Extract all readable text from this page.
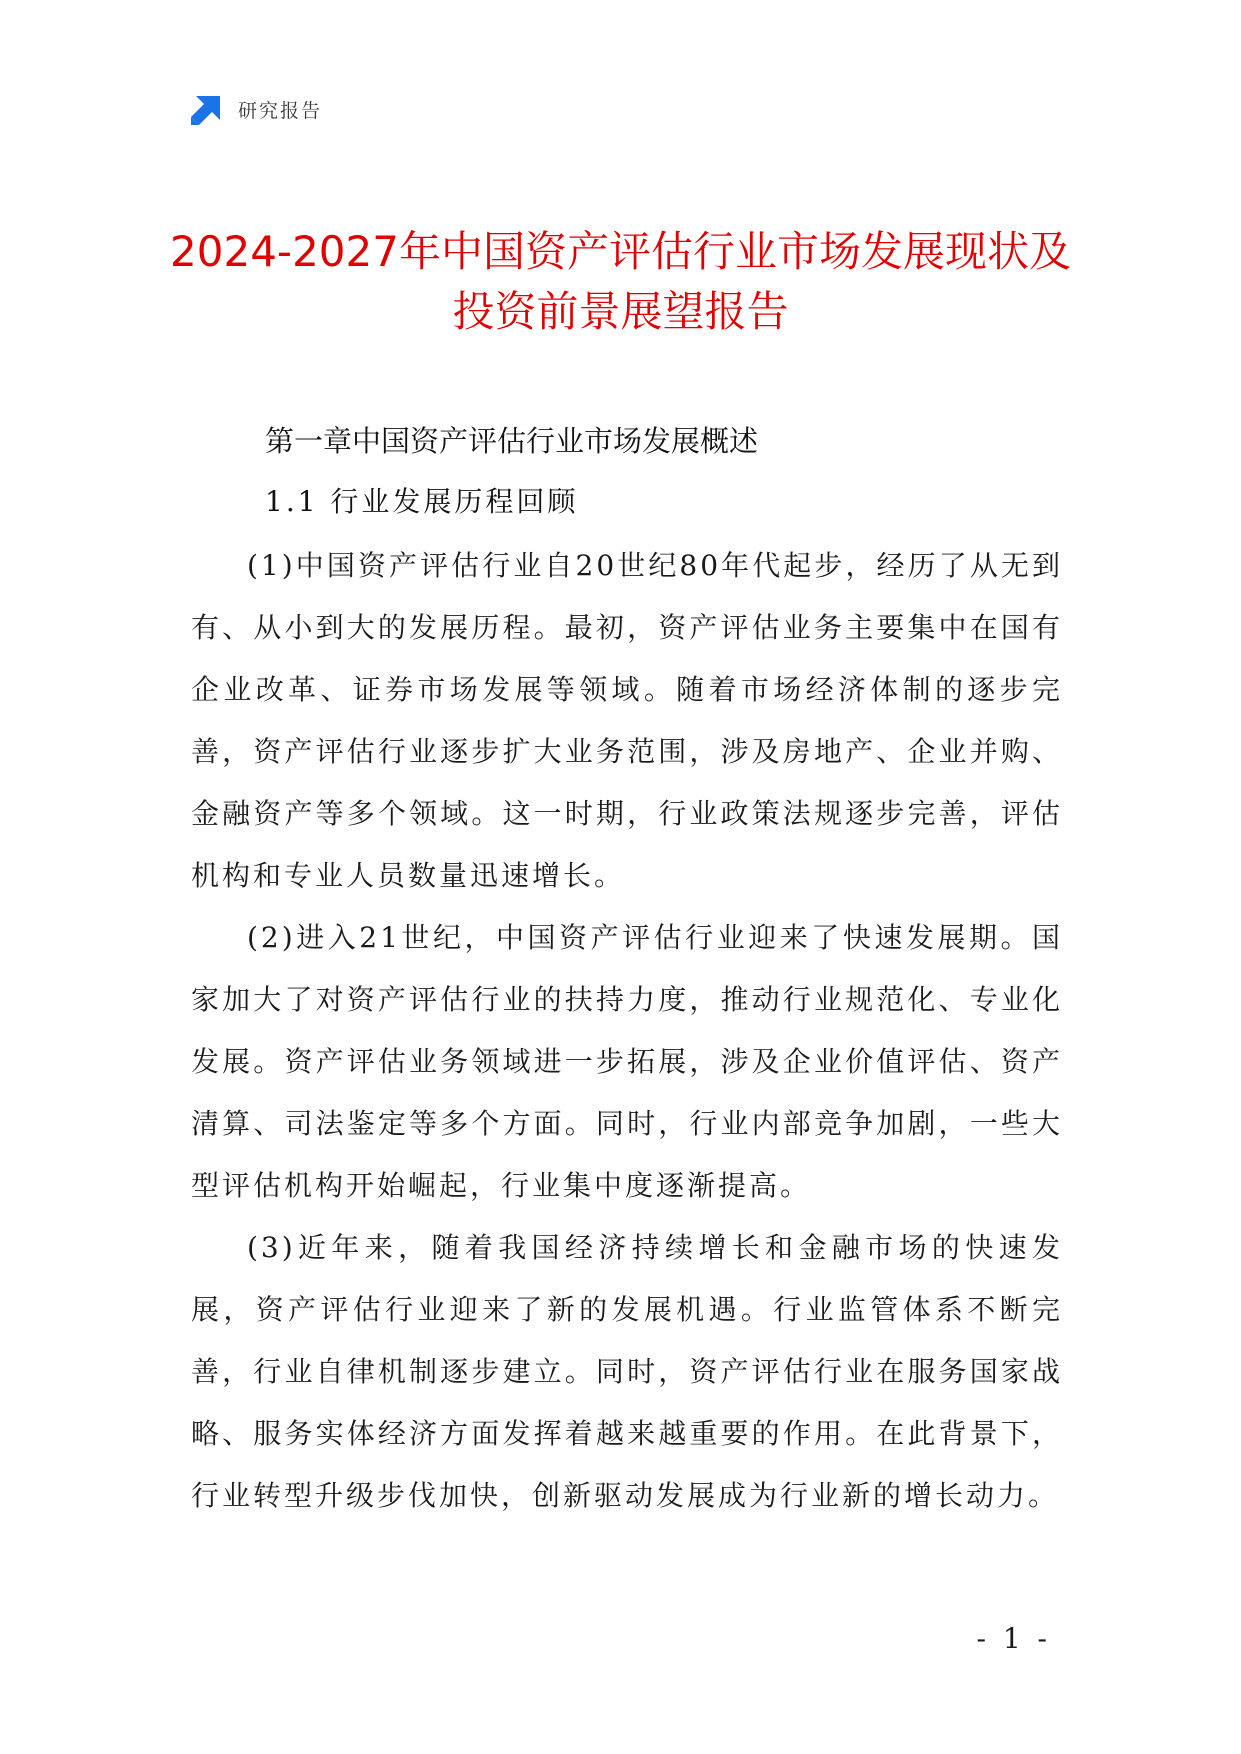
研究报告
2024-2027年中国资产评估行业市场发展现状及投资前景展望报告
第一章中国资产评估行业市场发展概述
1.1 行业发展历程回顾

(1)中国资产评估行业自20世纪80年代起步，经历了从无到有、从小到大的发展历程。最初，资产评估业务主要集中在国有企业改革、证券市场发展等领域。随着市场经济体制的逐步完善，资产评估行业逐步扩大业务范围，涉及房地产、企业并购、金融资产等多个领域。这一时期，行业政策法规逐步完善，评估机构和专业人员数量迅速增长。

(2)进入21世纪，中国资产评估行业迎来了快速发展期。国家加大了对资产评估行业的扶持力度，推动行业规范化、专业化发展。资产评估业务领域进一步拓展，涉及企业价值评估、资产清算、司法鉴定等多个方面。同时，行业内部竞争加剧，一些大型评估机构开始崛起，行业集中度逐渐提高。

(3)近年来，随着我国经济持续增长和金融市场的快速发展，资产评估行业迎来了新的发展机遇。行业监管体系不断完善，行业自律机制逐步建立。同时，资产评估行业在服务国家战略、服务实体经济方面发挥着越来越重要的作用。在此背景下，行业转型升级步伐加快，创新驱动发展成为行业新的增长动力。

- 1 -
